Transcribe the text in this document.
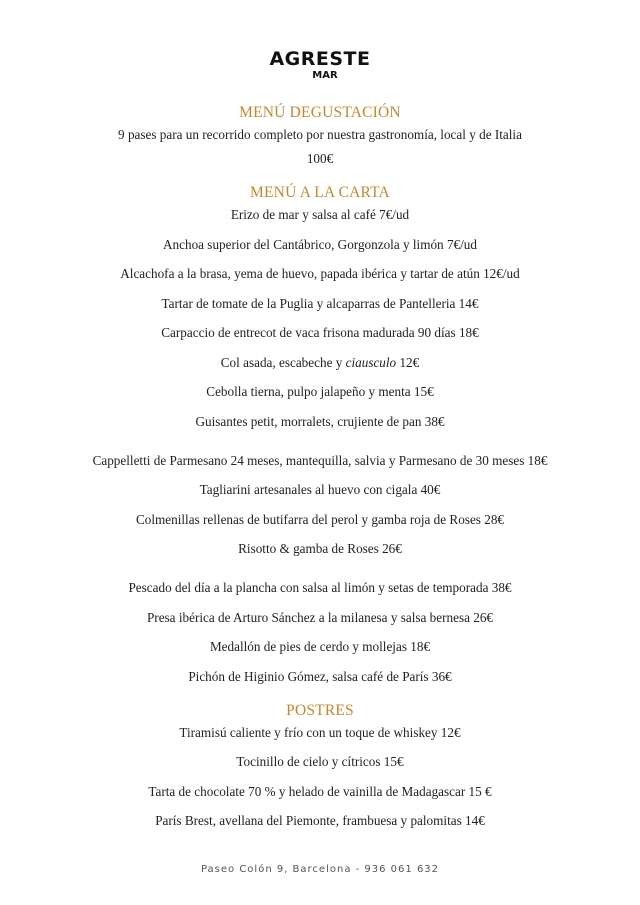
AGRESTE
MAR
MENÚ DEGUSTACIÓN
9 pases para un recorrido completo por nuestra gastronomía, local y de Italia
100€
MENÚ A LA CARTA
Erizo de mar y salsa al café 7€/ud
Anchoa superior del Cantábrico, Gorgonzola y limón 7€/ud
Alcachofa a la brasa, yema de huevo, papada ibérica y tartar de atún 12€/ud
Tartar de tomate de la Puglia y alcaparras de Pantelleria 14€
Carpaccio de entrecot de vaca frisona madurada 90 días 18€
Col asada, escabeche y ciausculo 12€
Cebolla tierna, pulpo jalapeño y menta 15€
Guisantes petit, morralets, crujiente de pan 38€
Cappelletti de Parmesano 24 meses, mantequilla, salvia y Parmesano de 30 meses 18€
Tagliarini artesanales al huevo con cigala 40€
Colmenillas rellenas de butifarra del perol y gamba roja de Roses 28€
Risotto & gamba de Roses 26€
Pescado del día a la plancha con salsa al limón y setas de temporada 38€
Presa ibérica de Arturo Sánchez a la milanesa y salsa bernesa 26€
Medallón de pies de cerdo y mollejas 18€
Pichón de Higinio Gómez, salsa café de París 36€
POSTRES
Tiramisú caliente y frío con un toque de whiskey 12€
Tocinillo de cielo y cítricos 15€
Tarta de chocolate 70 % y helado de vainilla de Madagascar 15 €
París Brest, avellana del Piemonte, frambuesa y palomitas 14€
Paseo Colón 9, Barcelona - 936 061 632
